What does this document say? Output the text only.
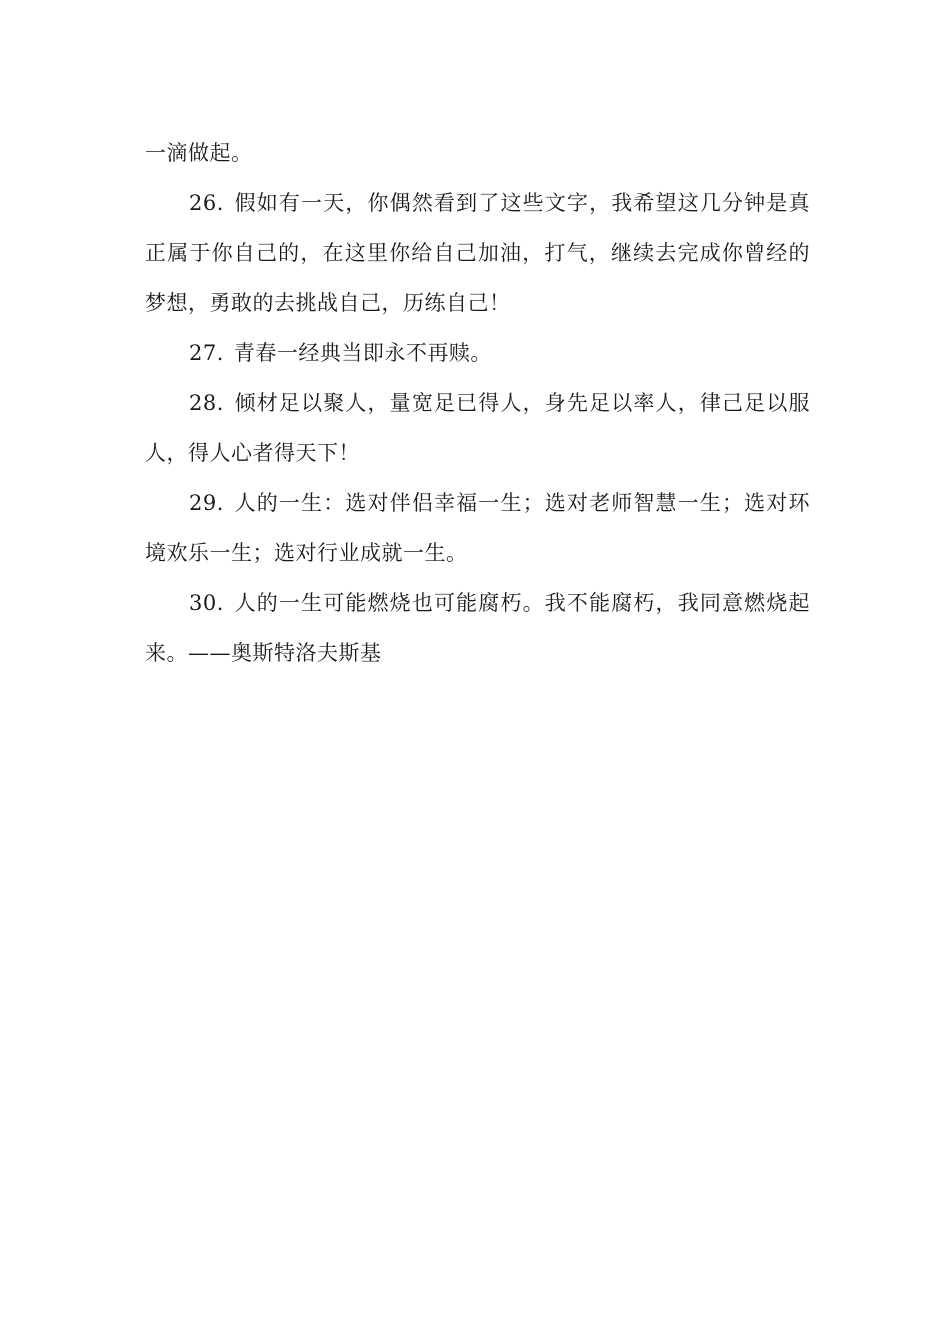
一滴做起。

26. 假如有一天，你偶然看到了这些文字，我希望这几分钟是真正属于你自己的，在这里你给自己加油，打气，继续去完成你曾经的梦想，勇敢的去挑战自己，历练自己！

27. 青春一经典当即永不再赎。

28. 倾材足以聚人，量宽足已得人，身先足以率人，律己足以服人，得人心者得天下！

29. 人的一生：选对伴侣幸福一生；选对老师智慧一生；选对环境欢乐一生；选对行业成就一生。

30. 人的一生可能燃烧也可能腐朽。我不能腐朽，我同意燃烧起来。——奥斯特洛夫斯基
